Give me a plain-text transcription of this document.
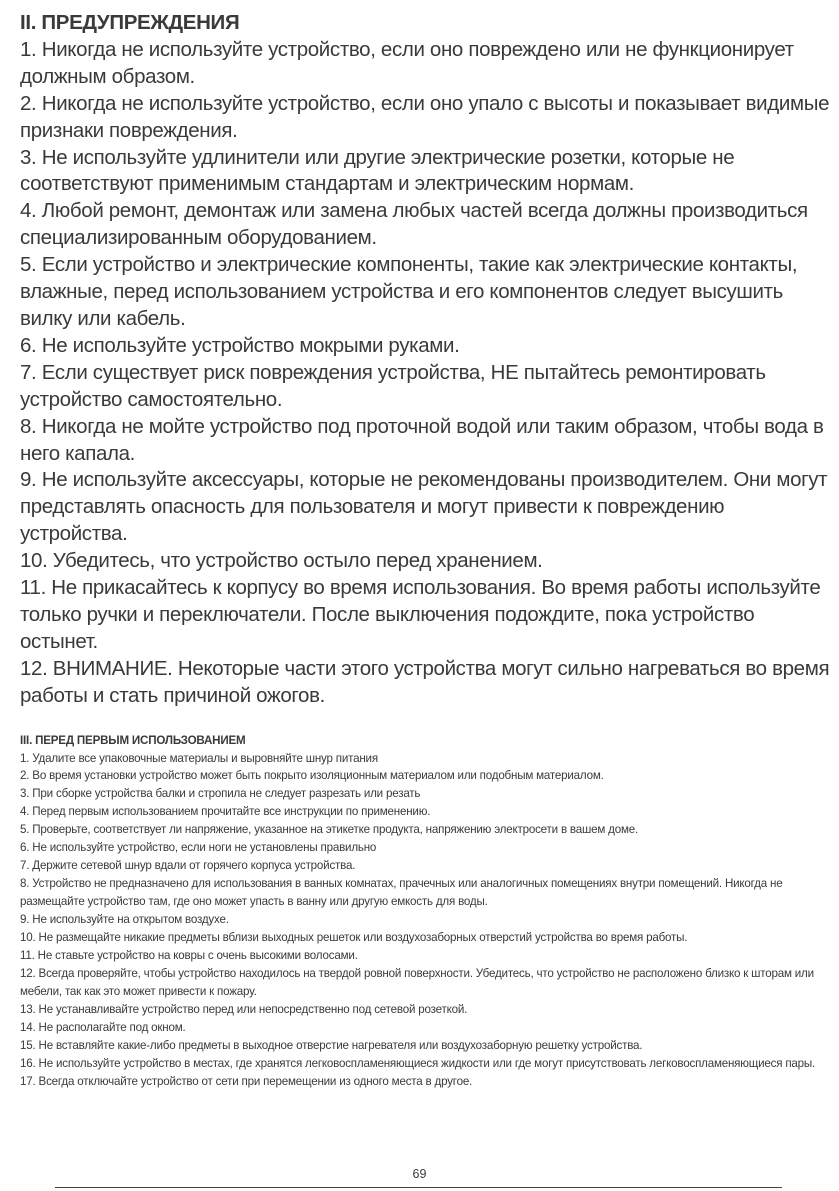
II. ПРЕДУПРЕЖДЕНИЯ

1. Никогда не используйте устройство, если оно повреждено или не функционирует должным образом.

2. Никогда не используйте устройство, если оно упало с высоты и показывает видимые признаки повреждения.

3. Не используйте удлинители или другие электрические розетки, которые не соответствуют применимым стандартам и электрическим нормам.

4. Любой ремонт, демонтаж или замена любых частей всегда должны производиться специализированным оборудованием.

5. Если устройство и электрические компоненты, такие как электрические контакты, влажные, перед использованием устройства и его компонентов следует высушить вилку или кабель.

6. Не используйте устройство мокрыми руками.

7. Если существует риск повреждения устройства, НЕ пытайтесь ремонтировать устройство самостоятельно.

8. Никогда не мойте устройство под проточной водой или таким образом, чтобы вода в него капала.

9. Не используйте аксессуары, которые не рекомендованы производителем. Они могут представлять опасность для пользователя и могут привести к повреждению устройства.

10. Убедитесь, что устройство остыло перед хранением.

11. Не прикасайтесь к корпусу во время использования. Во время работы используйте только ручки и переключатели. После выключения подождите, пока устройство остынет.

12. ВНИМАНИЕ. Некоторые части этого устройства могут сильно нагреваться во время работы и стать причиной ожогов.

III. ПЕРЕД ПЕРВЫМ ИСПОЛЬЗОВАНИЕМ

1. Удалите все упаковочные материалы и выровняйте шнур питания

2. Во время установки устройство может быть покрыто изоляционным материалом или подобным материалом.

3. При сборке устройства балки и стропила не следует разрезать или резать

4. Перед первым использованием прочитайте все инструкции по применению.

5. Проверьте, соответствует ли напряжение, указанное на этикетке продукта, напряжению электросети в вашем доме.

6. Не используйте устройство, если ноги не установлены правильно

7. Держите сетевой шнур вдали от горячего корпуса устройства.

8. Устройство не предназначено для использования в ванных комнатах, прачечных или аналогичных помещениях внутри помещений. Никогда не размещайте устройство там, где оно может упасть в ванну или другую емкость для воды.

9. Не используйте на открытом воздухе.

10. Не размещайте никакие предметы вблизи выходных решеток или воздухозаборных отверстий устройства во время работы.

11. Не ставьте устройство на ковры с очень высокими волосами.

12. Всегда проверяйте, чтобы устройство находилось на твердой ровной поверхности. Убедитесь, что устройство не расположено близко к шторам или мебели, так как это может привести к пожару.

13. Не устанавливайте устройство перед или непосредственно под сетевой розеткой.

14. Не располагайте под окном.

15. Не вставляйте какие-либо предметы в выходное отверстие нагревателя или воздухозаборную решетку устройства.

16. Не используйте устройство в местах, где хранятся легковоспламеняющиеся жидкости или где могут присутствовать легковоспламеняющиеся пары.

17. Всегда отключайте устройство от сети при перемещении из одного места в другое.

69
